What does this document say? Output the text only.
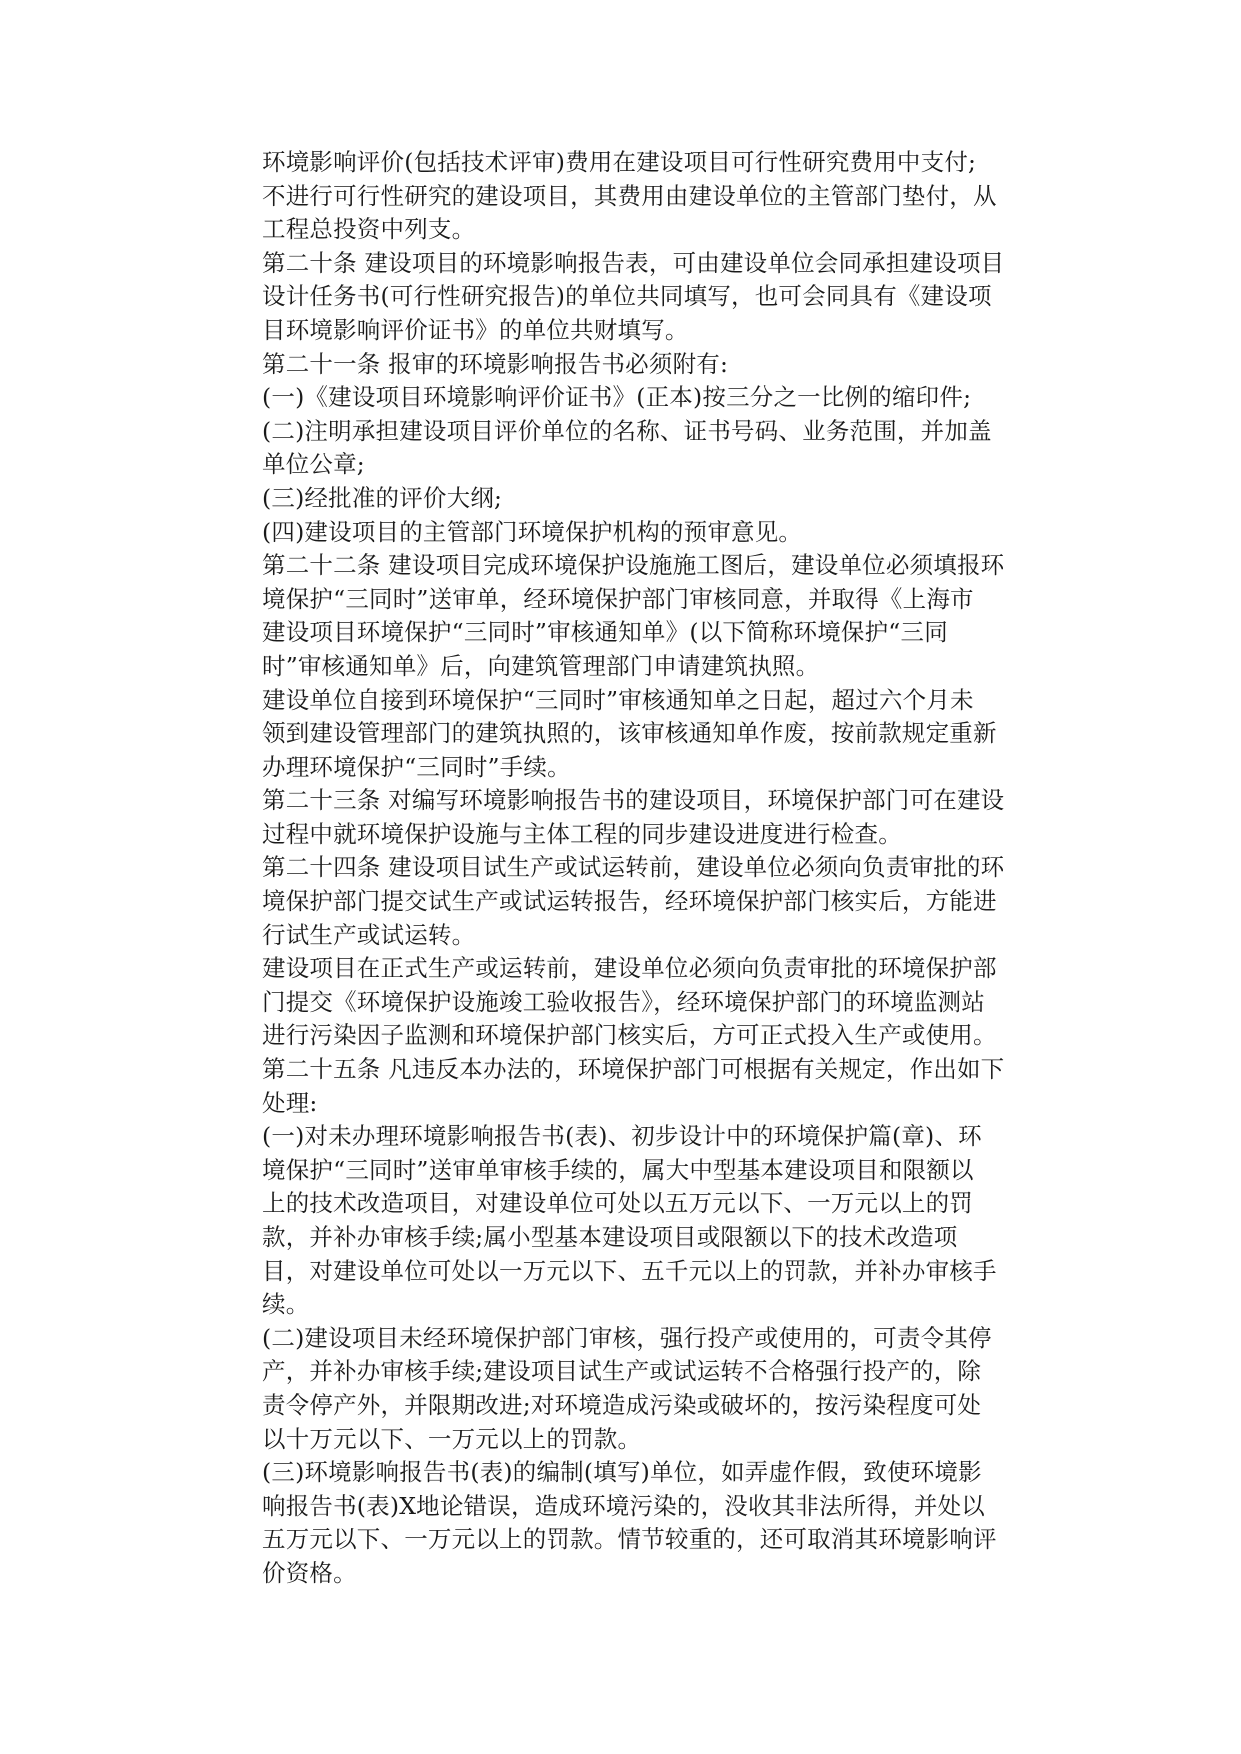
环境影响评价(包括技术评审)费用在建设项目可行性研究费用中支付;
不进行可行性研究的建设项目，其费用由建设单位的主管部门垫付，从
工程总投资中列支。
第二十条 建设项目的环境影响报告表，可由建设单位会同承担建设项目
设计任务书(可行性研究报告)的单位共同填写，也可会同具有《建设项
目环境影响评价证书》的单位共财填写。
第二十一条 报审的环境影响报告书必须附有:
(一)《建设项目环境影响评价证书》(正本)按三分之一比例的缩印件;
(二)注明承担建设项目评价单位的名称、证书号码、业务范围，并加盖
单位公章;
(三)经批准的评价大纲;
(四)建设项目的主管部门环境保护机构的预审意见。
第二十二条 建设项目完成环境保护设施施工图后，建设单位必须填报环
境保护“三同时”送审单，经环境保护部门审核同意，并取得《上海市
建设项目环境保护“三同时”审核通知单》(以下简称环境保护“三同
时”审核通知单》后，向建筑管理部门申请建筑执照。
建设单位自接到环境保护“三同时”审核通知单之日起，超过六个月未
领到建设管理部门的建筑执照的，该审核通知单作废，按前款规定重新
办理环境保护“三同时”手续。
第二十三条 对编写环境影响报告书的建设项目，环境保护部门可在建设
过程中就环境保护设施与主体工程的同步建设进度进行检查。
第二十四条 建设项目试生产或试运转前，建设单位必须向负责审批的环
境保护部门提交试生产或试运转报告，经环境保护部门核实后，方能进
行试生产或试运转。
建设项目在正式生产或运转前，建设单位必须向负责审批的环境保护部
门提交《环境保护设施竣工验收报告》，经环境保护部门的环境监测站
进行污染因子监测和环境保护部门核实后，方可正式投入生产或使用。
第二十五条 凡违反本办法的，环境保护部门可根据有关规定，作出如下
处理:
(一)对未办理环境影响报告书(表)、初步设计中的环境保护篇(章)、环
境保护“三同时”送审单审核手续的，属大中型基本建设项目和限额以
上的技术改造项目，对建设单位可处以五万元以下、一万元以上的罚
款，并补办审核手续;属小型基本建设项目或限额以下的技术改造项
目，对建设单位可处以一万元以下、五千元以上的罚款，并补办审核手
续。
(二)建设项目未经环境保护部门审核，强行投产或使用的，可责令其停
产，并补办审核手续;建设项目试生产或试运转不合格强行投产的，除
责令停产外，并限期改进;对环境造成污染或破坏的，按污染程度可处
以十万元以下、一万元以上的罚款。
(三)环境影响报告书(表)的编制(填写)单位，如弄虚作假，致使环境影
响报告书(表)X地论错误，造成环境污染的，没收其非法所得，并处以
五万元以下、一万元以上的罚款。情节较重的，还可取消其环境影响评
价资格。
